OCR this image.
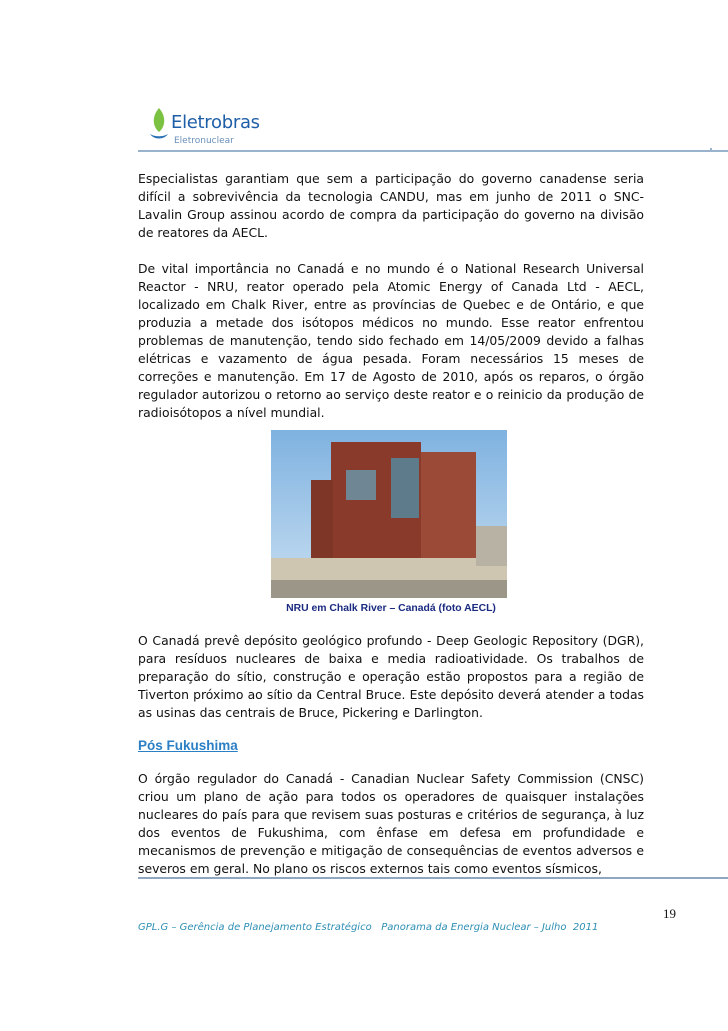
Eletrobras
Eletronuclear

Especialistas garantiam que sem a participação do governo canadense seria difícil a sobrevivência da tecnologia CANDU, mas em junho de 2011 o SNC-Lavalin Group assinou acordo de compra da participação do governo na divisão de reatores da AECL.

De vital importância no Canadá e no mundo é o National Research Universal Reactor - NRU, reator operado pela Atomic Energy of Canada Ltd - AECL, localizado em Chalk River, entre as províncias de Quebec e de Ontário, e que produzia a metade dos isótopos médicos no mundo. Esse reator enfrentou problemas de manutenção, tendo sido fechado em 14/05/2009 devido a falhas elétricas e vazamento de água pesada. Foram necessários 15 meses de correções e manutenção. Em 17 de Agosto de 2010, após os reparos, o órgão regulador autorizou o retorno ao serviço deste reator e o reinicio da produção de radioisótopos a nível mundial.

NRU em Chalk River – Canadá (foto AECL)

O Canadá prevê depósito geológico profundo - Deep Geologic Repository (DGR), para resíduos nucleares de baixa e media radioatividade. Os trabalhos de preparação do sítio, construção e operação estão propostos para a região de Tiverton próximo ao sítio da Central Bruce. Este depósito deverá atender a todas as usinas das centrais de Bruce, Pickering e Darlington.

Pós Fukushima

O órgão regulador do Canadá - Canadian Nuclear Safety Commission (CNSC) criou um plano de ação para todos os operadores de quaisquer instalações nucleares do país para que revisem suas posturas e critérios de segurança, à luz dos eventos de Fukushima, com ênfase em defesa em profundidade e mecanismos de prevenção e mitigação de consequências de eventos adversos e severos em geral. No plano os riscos externos tais como eventos sísmicos,

19
GPL.G – Gerência de Planejamento Estratégico   Panorama da Energia Nuclear – Julho  2011
